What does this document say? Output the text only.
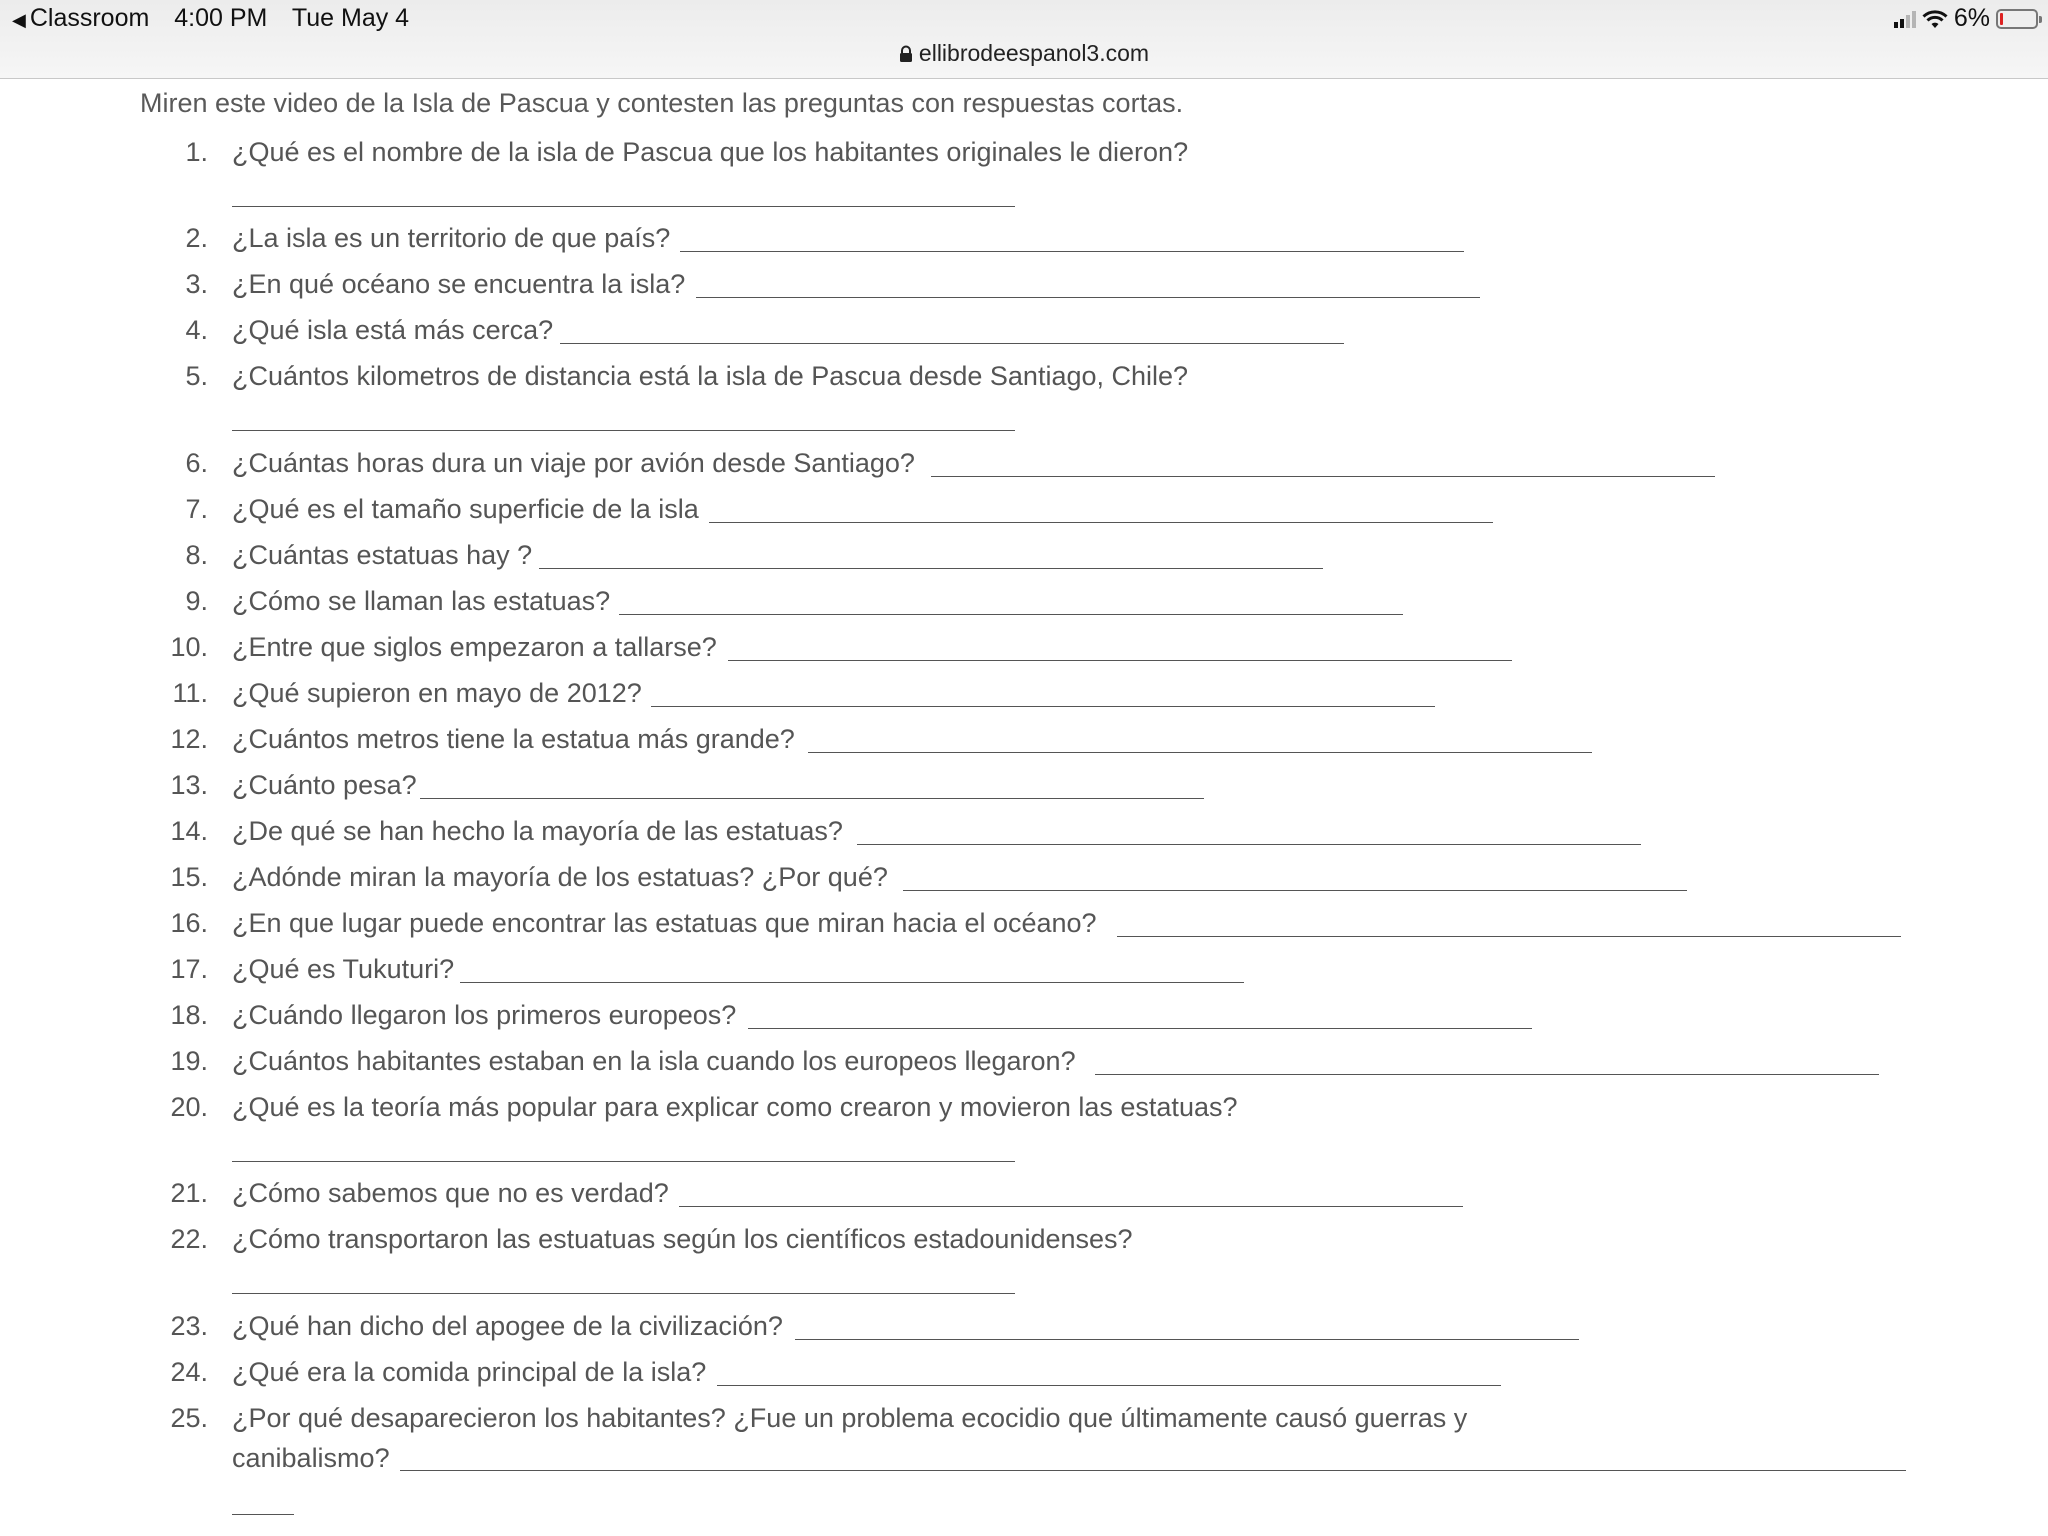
◀ Classroom 4:00 PM Tue May 4	6%
ellibrodeespanol3.com
Miren este video de la Isla de Pascua y contesten las preguntas con respuestas cortas.
1. ¿Qué es el nombre de la isla de Pascua que los habitantes originales le dieron?
2. ¿La isla es un territorio de que país?
3. ¿En qué océano se encuentra la isla?
4. ¿Qué isla está más cerca?
5. ¿Cuántos kilometros de distancia está la isla de Pascua desde Santiago, Chile?
6. ¿Cuántas horas dura un viaje por avión desde Santiago?
7. ¿Qué es el tamaño superficie de la isla
8. ¿Cuántas estatuas hay ?
9. ¿Cómo se llaman las estatuas?
10. ¿Entre que siglos empezaron a tallarse?
11. ¿Qué supieron en mayo de 2012?
12. ¿Cuántos metros tiene la estatua más grande?
13. ¿Cuánto pesa?
14. ¿De qué se han hecho la mayoría de las estatuas?
15. ¿Adónde miran la mayoría de los estatuas? ¿Por qué?
16. ¿En que lugar puede encontrar las estatuas que miran hacia el océano?
17. ¿Qué es Tukuturi?
18. ¿Cuándo llegaron los primeros europeos?
19. ¿Cuántos habitantes estaban en la isla cuando los europeos llegaron?
20. ¿Qué es la teoría más popular para explicar como crearon y movieron las estatuas?
21. ¿Cómo sabemos que no es verdad?
22. ¿Cómo transportaron las estuatuas según los científicos estadounidenses?
23. ¿Qué han dicho del apogee de la civilización?
24. ¿Qué era la comida principal de la isla?
25. ¿Por qué desaparecieron los habitantes? ¿Fue un problema ecocidio que últimamente causó guerras y
canibalismo?
